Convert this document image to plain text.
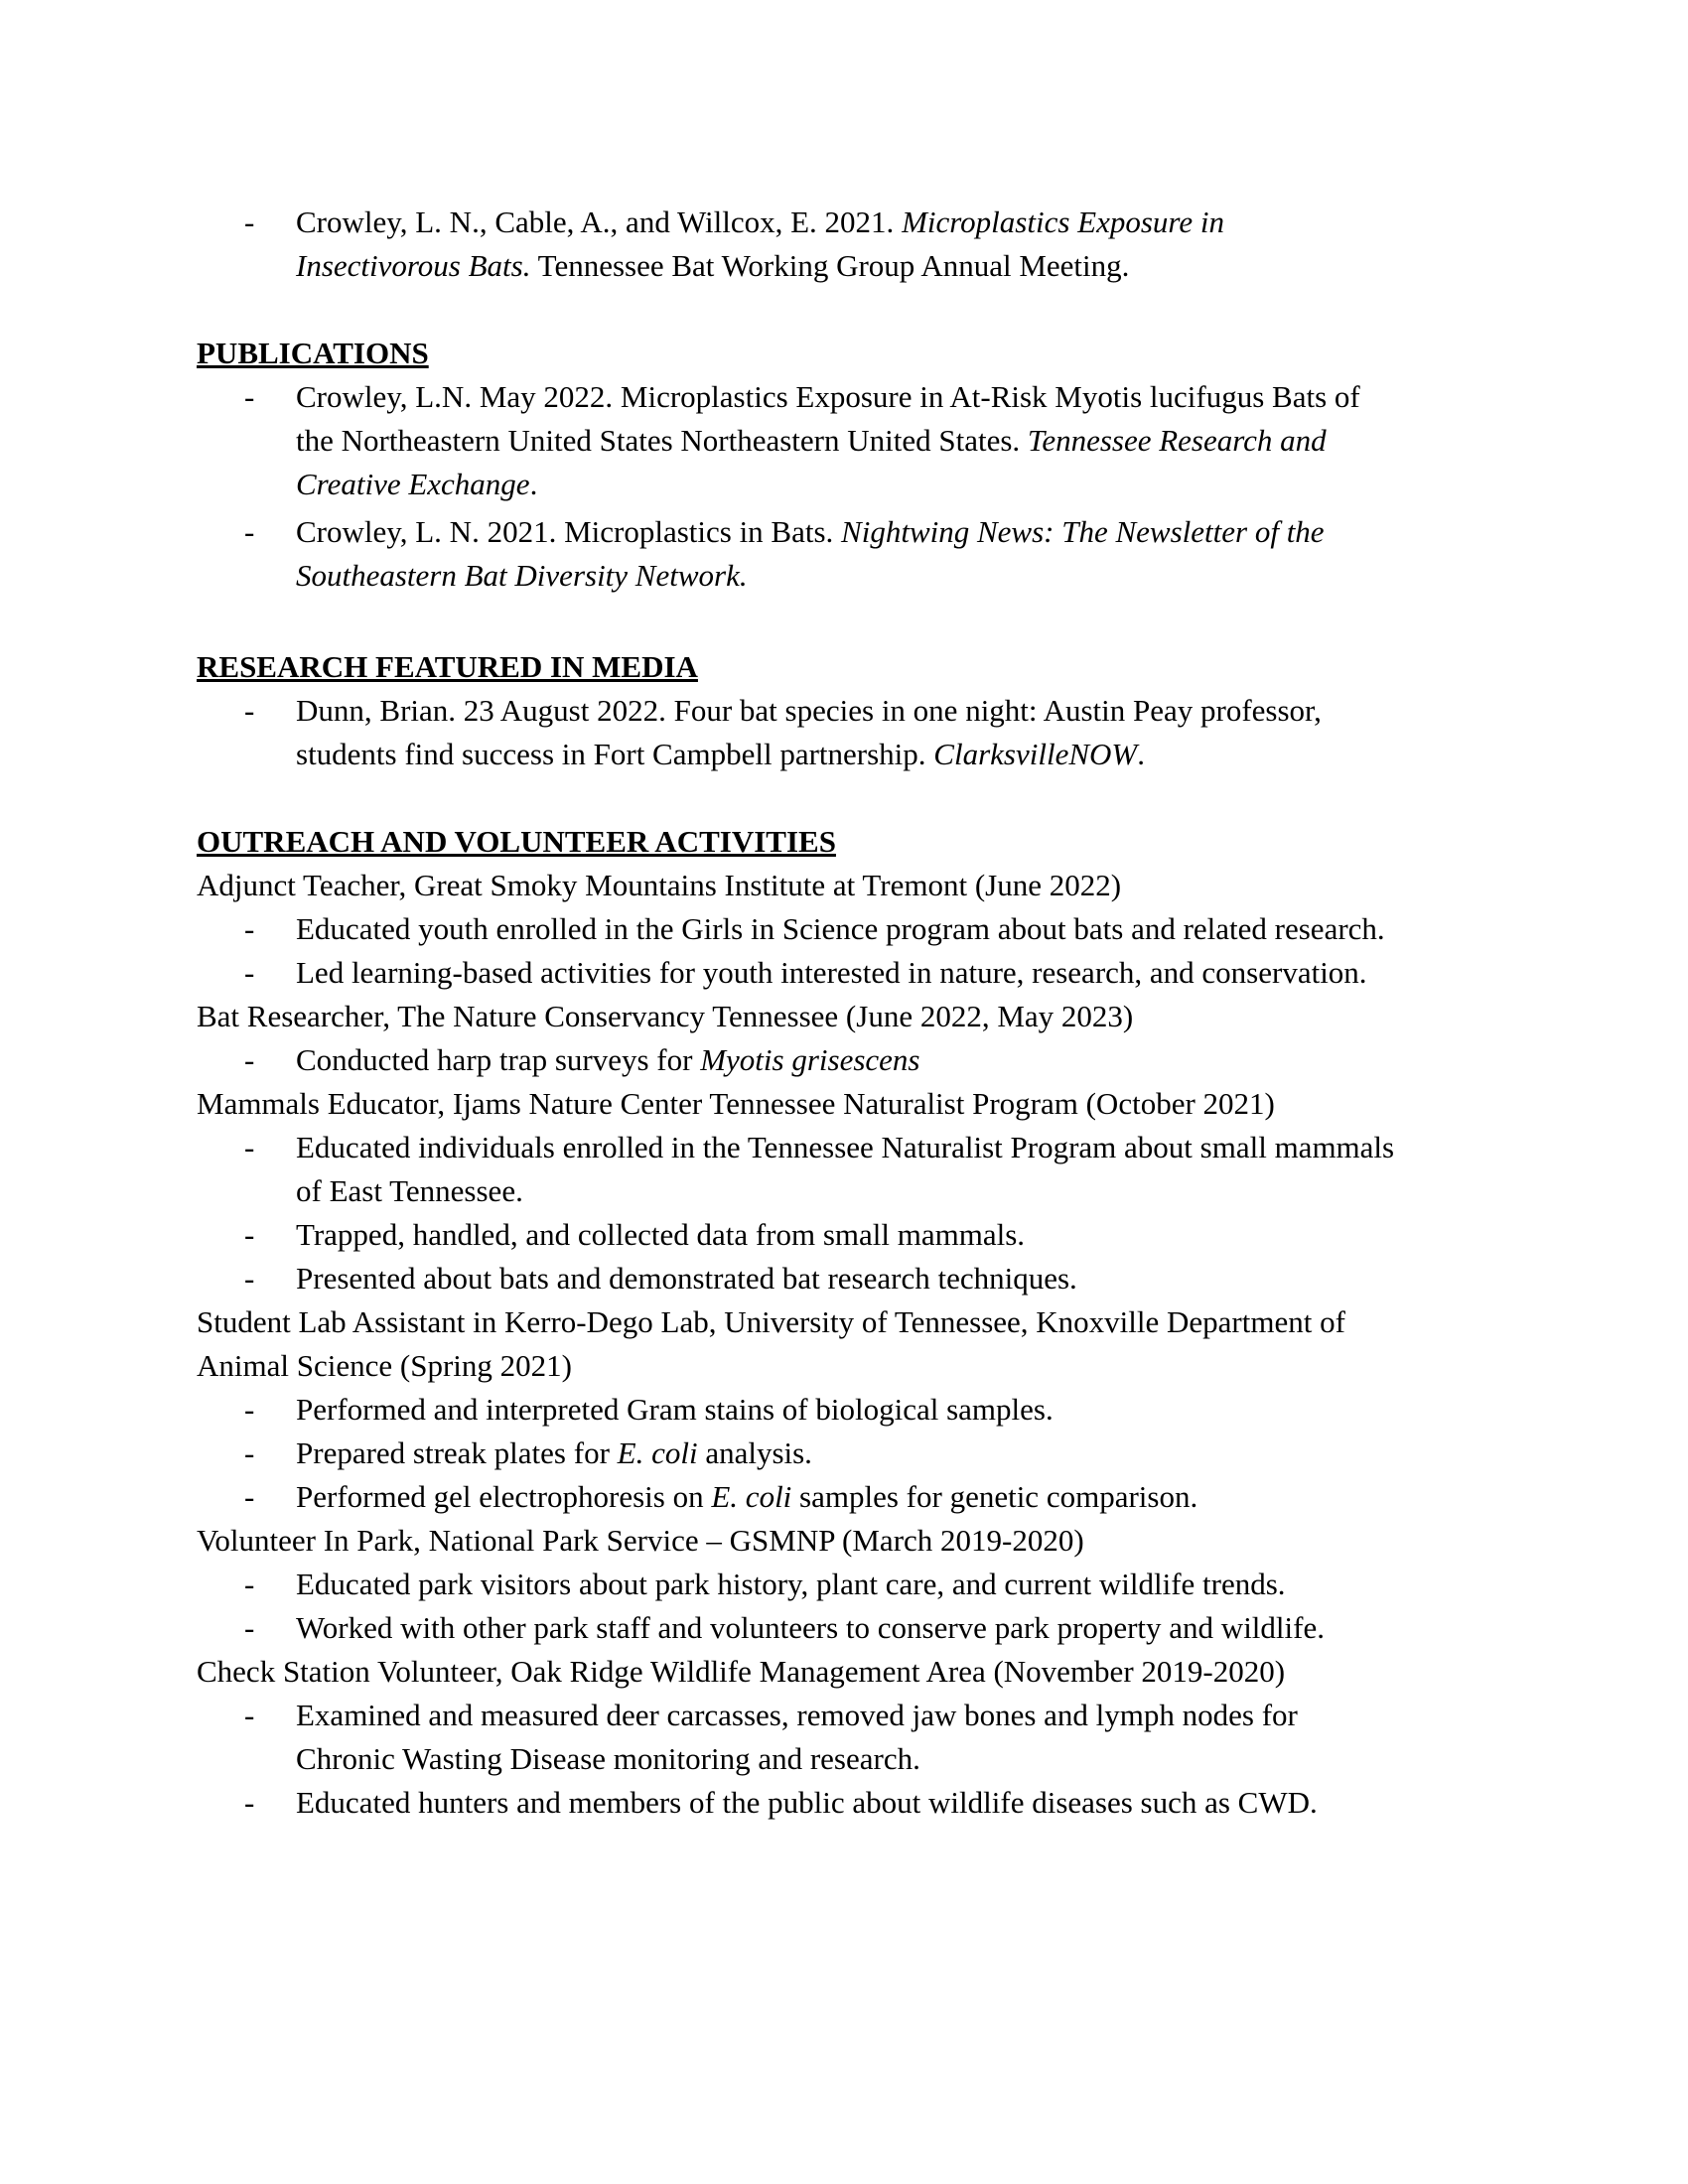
- Crowley, L. N., Cable, A., and Willcox, E. 2021. Microplastics Exposure in
Insectivorous Bats. Tennessee Bat Working Group Annual Meeting.
PUBLICATIONS
- Crowley, L.N. May 2022. Microplastics Exposure in At-Risk Myotis lucifugus Bats of
the Northeastern United States Northeastern United States. Tennessee Research and
Creative Exchange.
- Crowley, L. N. 2021. Microplastics in Bats. Nightwing News: The Newsletter of the
Southeastern Bat Diversity Network.
RESEARCH FEATURED IN MEDIA
- Dunn, Brian. 23 August 2022. Four bat species in one night: Austin Peay professor,
students find success in Fort Campbell partnership. ClarksvilleNOW.
OUTREACH AND VOLUNTEER ACTIVITIES
Adjunct Teacher, Great Smoky Mountains Institute at Tremont (June 2022)
- Educated youth enrolled in the Girls in Science program about bats and related research.
- Led learning-based activities for youth interested in nature, research, and conservation.
Bat Researcher, The Nature Conservancy Tennessee (June 2022, May 2023)
- Conducted harp trap surveys for Myotis grisescens
Mammals Educator, Ijams Nature Center Tennessee Naturalist Program (October 2021)
- Educated individuals enrolled in the Tennessee Naturalist Program about small mammals
of East Tennessee.
- Trapped, handled, and collected data from small mammals.
- Presented about bats and demonstrated bat research techniques.
Student Lab Assistant in Kerro-Dego Lab, University of Tennessee, Knoxville Department of
Animal Science (Spring 2021)
- Performed and interpreted Gram stains of biological samples.
- Prepared streak plates for E. coli analysis.
- Performed gel electrophoresis on E. coli samples for genetic comparison.
Volunteer In Park, National Park Service – GSMNP (March 2019-2020)
- Educated park visitors about park history, plant care, and current wildlife trends.
- Worked with other park staff and volunteers to conserve park property and wildlife.
Check Station Volunteer, Oak Ridge Wildlife Management Area (November 2019-2020)
- Examined and measured deer carcasses, removed jaw bones and lymph nodes for
Chronic Wasting Disease monitoring and research.
- Educated hunters and members of the public about wildlife diseases such as CWD.
